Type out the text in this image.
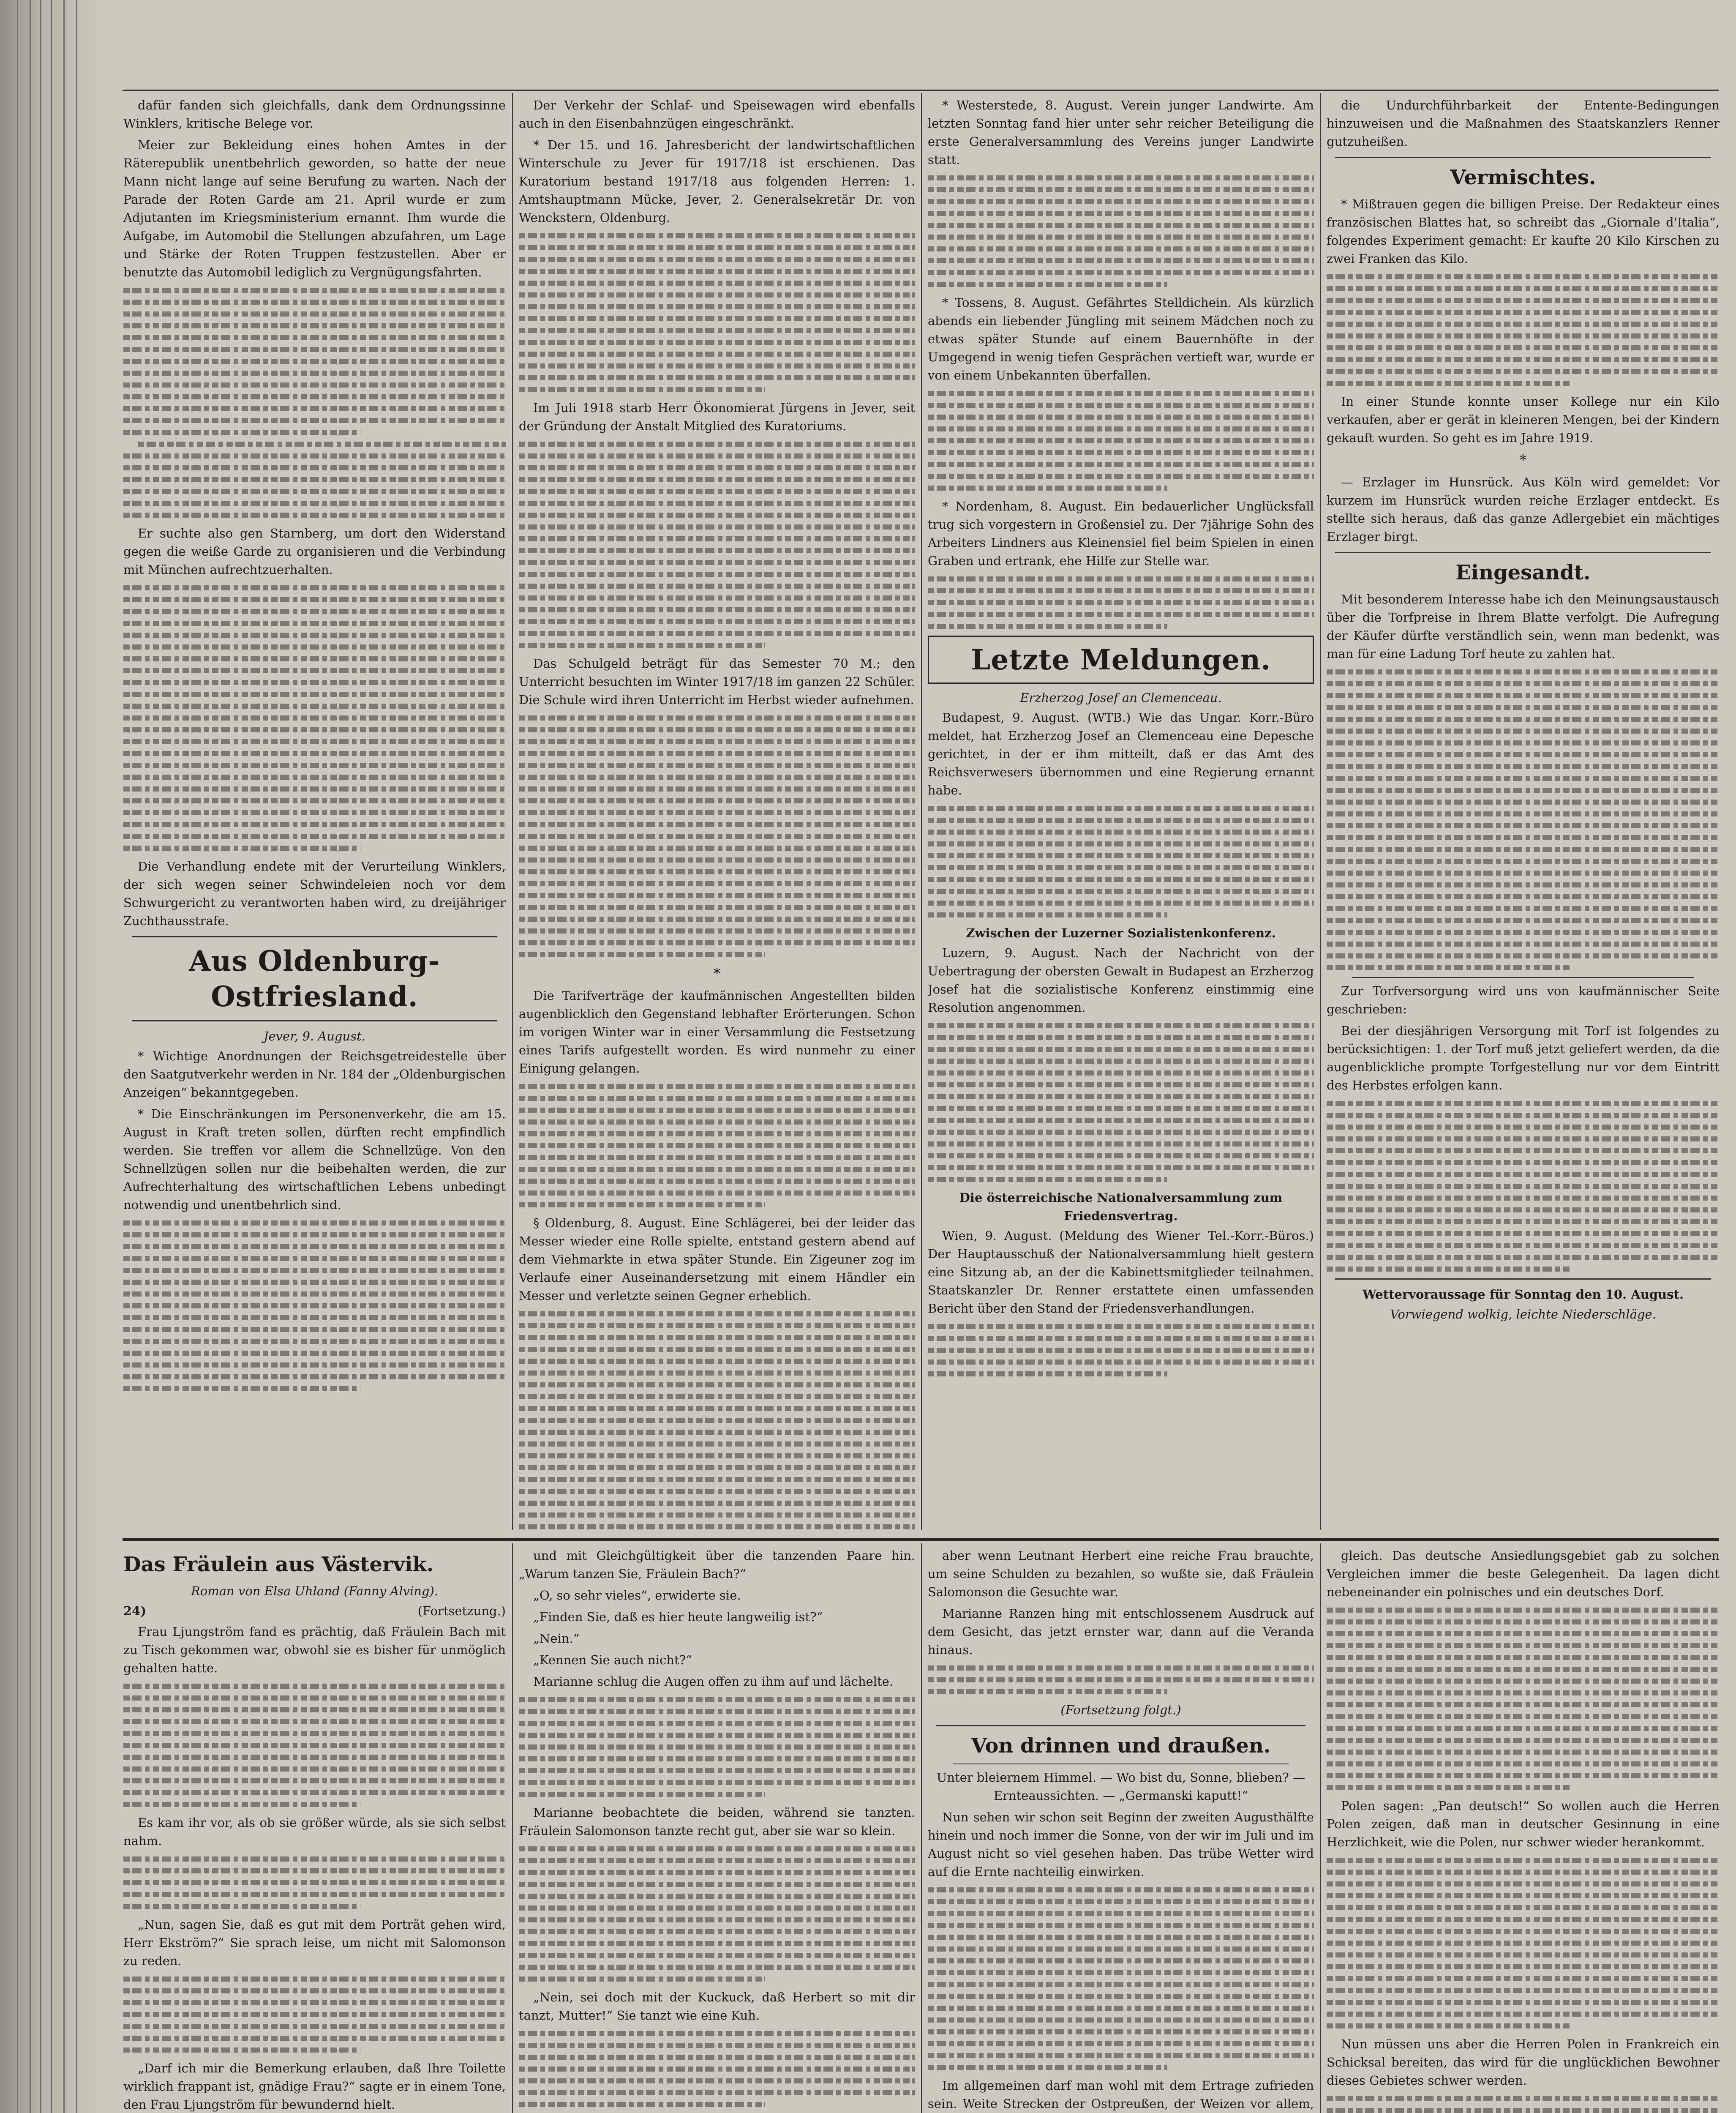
dafür fanden sich gleichfalls, dank dem Ordnungssinne Winklers, kritische Belege vor.

Meier zur Bekleidung eines hohen Amtes in der Räterepublik unentbehrlich geworden, so hatte der neue Mann nicht lange auf seine Berufung zu warten. Nach der Parade der Roten Garde am 21. April wurde er zum Adjutanten im Kriegsministerium ernannt. Ihm wurde die Aufgabe, im Automobil die Stellungen abzufahren, um Lage und Stärke der Roten Truppen festzustellen. Aber er benutzte das Automobil lediglich zu Vergnügungsfahrten.

Er suchte also gen Starnberg, um dort den Widerstand gegen die weiße Garde zu organisieren und die Verbindung mit München aufrechtzuerhalten.

Die Verhandlung endete mit der Verurteilung Winklers, der sich wegen seiner Schwindeleien noch vor dem Schwurgericht zu verantworten haben wird, zu dreijähriger Zuchthausstrafe.

Aus Oldenburg-Ostfriesland.
Jever, 9. August.

* Wichtige Anordnungen der Reichsgetreidestelle über den Saatgutverkehr werden in Nr. 184 der „Oldenburgischen Anzeigen“ bekanntgegeben.

* Die Einschränkungen im Personenverkehr, die am 15. August in Kraft treten sollen, dürften recht empfindlich werden. Sie treffen vor allem die Schnellzüge. Von den Schnellzügen sollen nur die beibehalten werden, die zur Aufrechterhaltung des wirtschaftlichen Lebens unbedingt notwendig und unentbehrlich sind.

Der Verkehr der Schlaf- und Speisewagen wird ebenfalls auch in den Eisenbahnzügen eingeschränkt.

* Der 15. und 16. Jahresbericht der landwirtschaftlichen Winterschule zu Jever für 1917/18 ist erschienen. Das Kuratorium bestand 1917/18 aus folgenden Herren: 1. Amtshauptmann Mücke, Jever, 2. Generalsekretär Dr. von Wenckstern, Oldenburg.

Im Juli 1918 starb Herr Ökonomierat Jürgens in Jever, seit der Gründung der Anstalt Mitglied des Kuratoriums.

Das Schulgeld beträgt für das Semester 70 M.; den Unterricht besuchten im Winter 1917/18 im ganzen 22 Schüler. Die Schule wird ihren Unterricht im Herbst wieder aufnehmen.

*

Die Tarifverträge der kaufmännischen Angestellten bilden augenblicklich den Gegenstand lebhafter Erörterungen. Schon im vorigen Winter war in einer Versammlung die Festsetzung eines Tarifs aufgestellt worden. Es wird nunmehr zu einer Einigung gelangen.

§ Oldenburg, 8. August. Eine Schlägerei, bei der leider das Messer wieder eine Rolle spielte, entstand gestern abend auf dem Viehmarkte in etwa später Stunde. Ein Zigeuner zog im Verlaufe einer Auseinandersetzung mit einem Händler ein Messer und verletzte seinen Gegner erheblich.

* Westerstede, 8. August. Verein junger Landwirte. Am letzten Sonntag fand hier unter sehr reicher Beteiligung die erste Generalversammlung des Vereins junger Landwirte statt.

* Tossens, 8. August. Gefährtes Stelldichein. Als kürzlich abends ein liebender Jüngling mit seinem Mädchen noch zu etwas später Stunde auf einem Bauernhöfte in der Umgegend in wenig tiefen Gesprächen vertieft war, wurde er von einem Unbekannten überfallen.

* Nordenham, 8. August. Ein bedauerlicher Unglücksfall trug sich vorgestern in Großensiel zu. Der 7jährige Sohn des Arbeiters Lindners aus Kleinensiel fiel beim Spielen in einen Graben und ertrank, ehe Hilfe zur Stelle war.

Letzte Meldungen.
Erzherzog Josef an Clemenceau.

Budapest, 9. August. (WTB.) Wie das Ungar. Korr.-Büro meldet, hat Erzherzog Josef an Clemenceau eine Depesche gerichtet, in der er ihm mitteilt, daß er das Amt des Reichsverwesers übernommen und eine Regierung ernannt habe.

Zwischen der Luzerner Sozialistenkonferenz.

Luzern, 9. August. Nach der Nachricht von der Uebertragung der obersten Gewalt in Budapest an Erzherzog Josef hat die sozialistische Konferenz einstimmig eine Resolution angenommen.

Die österreichische Nationalversammlung zum Friedensvertrag.

Wien, 9. August. (Meldung des Wiener Tel.-Korr.-Büros.) Der Hauptausschuß der Nationalversammlung hielt gestern eine Sitzung ab, an der die Kabinettsmitglieder teilnahmen. Staatskanzler Dr. Renner erstattete einen umfassenden Bericht über den Stand der Friedensverhandlungen.

die Undurchführbarkeit der Entente-Bedingungen hinzuweisen und die Maßnahmen des Staatskanzlers Renner gutzuheißen.

Vermischtes.

* Mißtrauen gegen die billigen Preise. Der Redakteur eines französischen Blattes hat, so schreibt das „Giornale d'Italia“, folgendes Experiment gemacht: Er kaufte 20 Kilo Kirschen zu zwei Franken das Kilo.

In einer Stunde konnte unser Kollege nur ein Kilo verkaufen, aber er gerät in kleineren Mengen, bei der Kindern gekauft wurden. So geht es im Jahre 1919.

*

— Erzlager im Hunsrück. Aus Köln wird gemeldet: Vor kurzem im Hunsrück wurden reiche Erzlager entdeckt. Es stellte sich heraus, daß das ganze Adlergebiet ein mächtiges Erzlager birgt.

Eingesandt.

Mit besonderem Interesse habe ich den Meinungsaustausch über die Torfpreise in Ihrem Blatte verfolgt. Die Aufregung der Käufer dürfte verständlich sein, wenn man bedenkt, was man für eine Ladung Torf heute zu zahlen hat.

Zur Torfversorgung wird uns von kaufmännischer Seite geschrieben:

Bei der diesjährigen Versorgung mit Torf ist folgendes zu berücksichtigen: 1. der Torf muß jetzt geliefert werden, da die augenblickliche prompte Torfgestellung nur vor dem Eintritt des Herbstes erfolgen kann.

Wettervoraussage für Sonntag den 10. August.
Vorwiegend wolkig, leichte Niederschläge.
Das Fräulein aus Västervik.
Roman von Elsa Uhland (Fanny Alving).
24)	(Fortsetzung.)

Frau Ljungström fand es prächtig, daß Fräulein Bach mit zu Tisch gekommen war, obwohl sie es bisher für unmöglich gehalten hatte.

Es kam ihr vor, als ob sie größer würde, als sie sich selbst nahm.

„Nun, sagen Sie, daß es gut mit dem Porträt gehen wird, Herr Ekström?“ Sie sprach leise, um nicht mit Salomonson zu reden.

„Darf ich mir die Bemerkung erlauben, daß Ihre Toilette wirklich frappant ist, gnädige Frau?“ sagte er in einem Tone, den Frau Ljungström für bewundernd hielt.

und mit Gleichgültigkeit über die tanzenden Paare hin. „Warum tanzen Sie, Fräulein Bach?“

„O, so sehr vieles“, erwiderte sie.

„Finden Sie, daß es hier heute langweilig ist?“

„Nein.“

„Kennen Sie auch nicht?“

Marianne schlug die Augen offen zu ihm auf und lächelte.

Marianne beobachtete die beiden, während sie tanzten. Fräulein Salomonson tanzte recht gut, aber sie war so klein.

„Nein, sei doch mit der Kuckuck, daß Herbert so mit dir tanzt, Mutter!“ Sie tanzt wie eine Kuh.

aber wenn Leutnant Herbert eine reiche Frau brauchte, um seine Schulden zu bezahlen, so wußte sie, daß Fräulein Salomonson die Gesuchte war.

Marianne Ranzen hing mit entschlossenem Ausdruck auf dem Gesicht, das jetzt ernster war, dann auf die Veranda hinaus.

(Fortsetzung folgt.)
Von drinnen und draußen.

Unter bleiernem Himmel. — Wo bist du, Sonne, blieben? — Ernteaussichten. — „Germanski kaputt!“

Nun sehen wir schon seit Beginn der zweiten Augusthälfte hinein und noch immer die Sonne, von der wir im Juli und im August nicht so viel gesehen haben. Das trübe Wetter wird auf die Ernte nachteilig einwirken.

Im allgemeinen darf man wohl mit dem Ertrage zufrieden sein. Weite Strecken der Ostpreußen, der Weizen vor allem,

gleich. Das deutsche Ansiedlungsgebiet gab zu solchen Vergleichen immer die beste Gelegenheit. Da lagen dicht nebeneinander ein polnisches und ein deutsches Dorf.

Polen sagen: „Pan deutsch!“ So wollen auch die Herren Polen zeigen, daß man in deutscher Gesinnung in eine Herzlichkeit, wie die Polen, nur schwer wieder herankommt.

Nun müssen uns aber die Herren Polen in Frankreich ein Schicksal bereiten, das wird für die unglücklichen Bewohner dieses Gebietes schwer werden.
